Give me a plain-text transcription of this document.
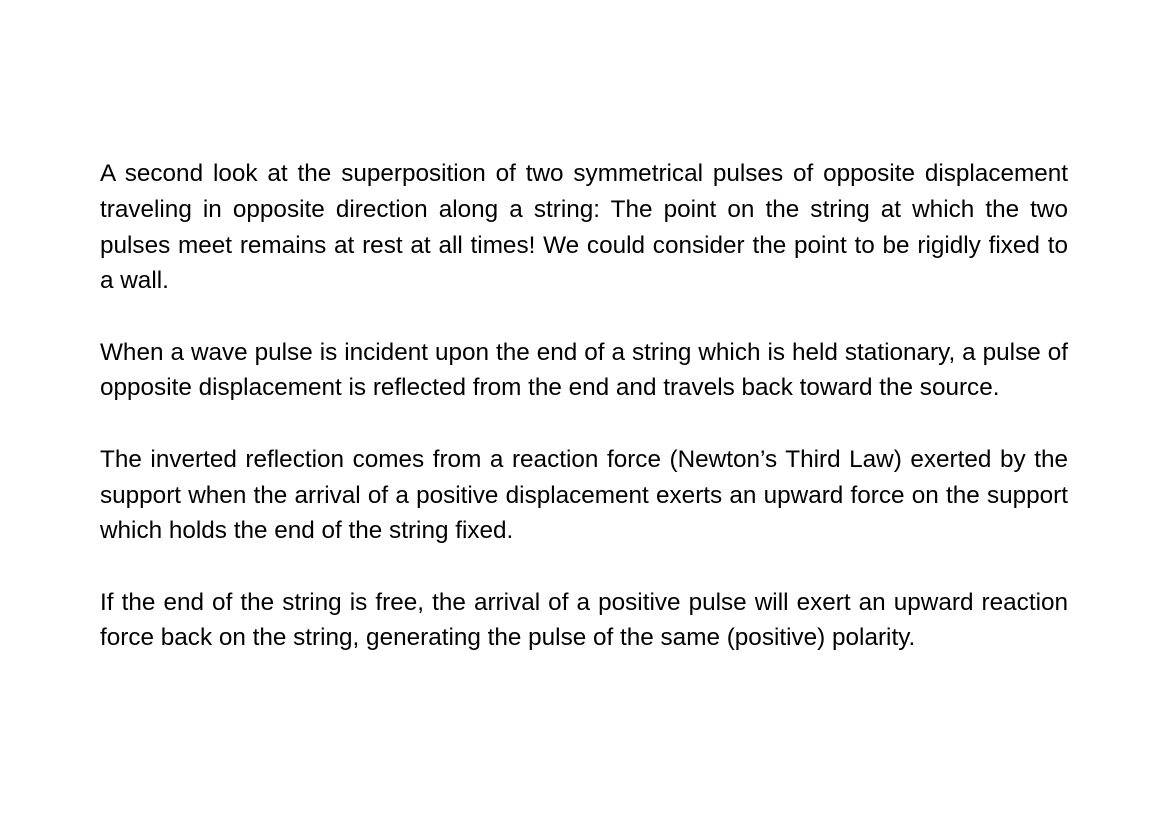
A second look at the superposition of two symmetrical pulses of opposite displacement traveling in opposite direction along a string: The point on the string at which the two pulses meet remains at rest at all times! We could consider the point to be rigidly fixed to a wall.

When a wave pulse is incident upon the end of a string which is held stationary, a pulse of opposite displacement is reflected from the end and travels back toward the source.

The inverted reflection comes from a reaction force (Newton’s Third Law) exerted by the support when the arrival of a positive displacement exerts an upward force on the support which holds the end of the string fixed.

If the end of the string is free, the arrival of a positive pulse will exert an upward reaction force back on the string, generating the pulse of the same (positive) polarity.
